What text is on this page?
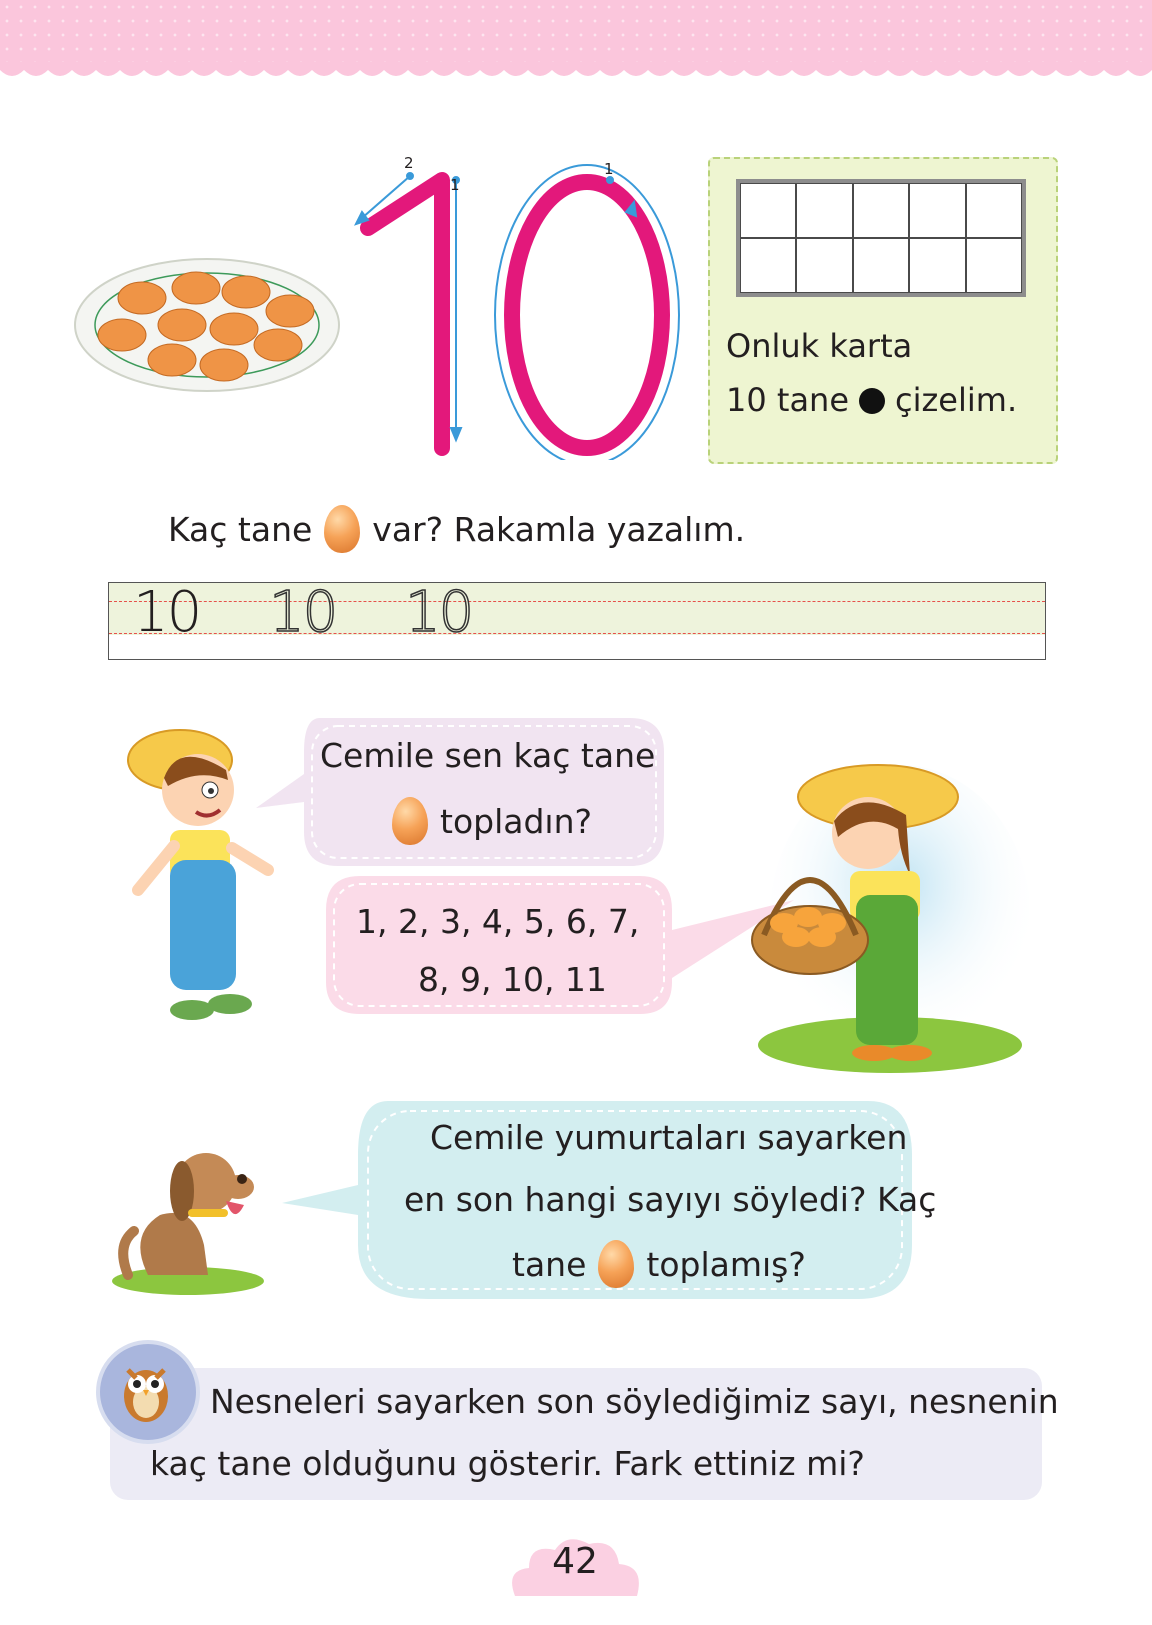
2
1
1
Onluk karta
10 tane çizelim.
Kaç tane var? Rakamla yazalım.
10 10 10
Cemile sen kaç tane
topladın?
1, 2, 3, 4, 5, 6, 7,
8, 9, 10, 11
Cemile yumurtaları sayarken
en son hangi sayıyı söyledi? Kaç
tane toplamış?
Nesneleri sayarken son söylediğimiz sayı, nesnenin
kaç tane olduğunu gösterir. Fark ettiniz mi?
42
